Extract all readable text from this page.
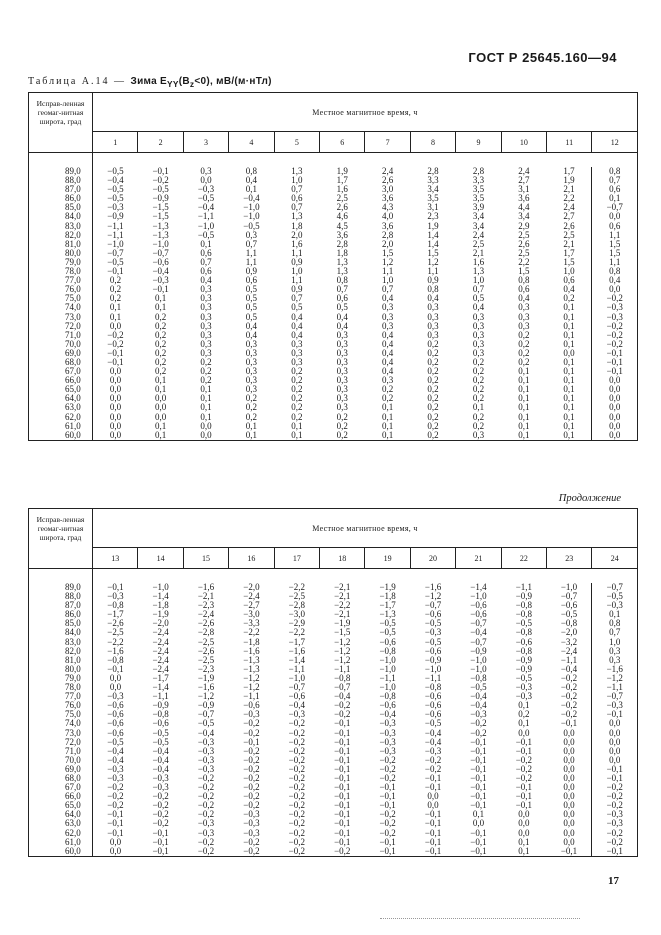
ГОСТ Р 25645.160—94
Таблица А.14 — Зима $E_{\Upsilon\Upsilon}(B_z<0)$, мВ/(м·нТл)
Исправ-ленная геомаг-нитная широта, град	Местное магнитное время, ч											
	1	2	3	4	5	6	7	8	9	10	11	12

89,0	−0,5	−0,1	0,3	0,8	1,3	1,9	2,4	2,8	2,8	2,4	1,7	0,8
88,0	−0,4	−0,2	0,0	0,4	1,0	1,7	2,6	3,3	3,3	2,7	1,9	0,7
87,0	−0,5	−0,5	−0,3	0,1	0,7	1,6	3,0	3,4	3,5	3,1	2,1	0,6
86,0	−0,5	−0,9	−0,5	−0,4	0,6	2,5	3,6	3,5	3,5	3,6	2,2	0,1
85,0	−0,3	−1,5	−0,4	−1,0	0,7	2,6	4,3	3,1	3,9	4,4	2,4	−0,7
84,0	−0,9	−1,5	−1,1	−1,0	1,3	4,6	4,0	2,3	3,4	3,4	2,7	0,0
83,0	−1,1	−1,3	−1,0	−0,5	1,8	4,5	3,6	1,9	3,4	2,9	2,6	0,6
82,0	−1,1	−1,3	−0,5	0,3	2,0	3,6	2,8	1,4	2,4	2,5	2,5	1,1
81,0	−1,0	−1,0	0,1	0,7	1,6	2,8	2,0	1,4	2,5	2,6	2,1	1,5
80,0	−0,7	−0,7	0,6	1,1	1,1	1,8	1,5	1,5	2,1	2,5	1,7	1,5
79,0	−0,5	−0,6	0,7	1,1	0,9	1,3	1,2	1,2	1,6	2,2	1,5	1,1
78,0	−0,1	−0,4	0,6	0,9	1,0	1,3	1,1	1,1	1,3	1,5	1,0	0,8
77,0	0,2	−0,3	0,4	0,6	1,1	0,8	1,0	0,9	1,0	0,8	0,6	0,4
76,0	0,2	−0,1	0,3	0,5	0,9	0,7	0,7	0,8	0,7	0,6	0,4	0,0
75,0	0,2	0,1	0,3	0,5	0,7	0,6	0,4	0,4	0,5	0,4	0,2	−0,2
74,0	0,1	0,1	0,3	0,5	0,5	0,5	0,3	0,3	0,4	0,3	0,1	−0,3
73,0	0,1	0,2	0,3	0,5	0,4	0,4	0,3	0,3	0,3	0,3	0,1	−0,3
72,0	0,0	0,2	0,3	0,4	0,4	0,4	0,3	0,3	0,3	0,3	0,1	−0,2
71,0	−0,2	0,2	0,3	0,4	0,4	0,3	0,4	0,3	0,3	0,2	0,1	−0,2
70,0	−0,2	0,2	0,3	0,3	0,3	0,3	0,4	0,2	0,3	0,2	0,1	−0,2
69,0	−0,1	0,2	0,3	0,3	0,3	0,3	0,4	0,2	0,3	0,2	0,0	−0,1
68,0	−0,1	0,2	0,2	0,3	0,3	0,3	0,4	0,2	0,2	0,2	0,1	−0,1
67,0	0,0	0,2	0,2	0,3	0,2	0,3	0,4	0,2	0,2	0,1	0,1	−0,1
66,0	0,0	0,1	0,2	0,3	0,2	0,3	0,3	0,2	0,2	0,1	0,1	0,0
65,0	0,0	0,1	0,1	0,3	0,2	0,3	0,2	0,2	0,2	0,1	0,1	0,0
64,0	0,0	0,0	0,1	0,2	0,2	0,3	0,2	0,2	0,2	0,1	0,1	0,0
63,0	0,0	0,0	0,1	0,2	0,2	0,3	0,1	0,2	0,1	0,1	0,1	0,0
62,0	0,0	0,0	0,1	0,2	0,2	0,2	0,1	0,2	0,2	0,1	0,1	0,0
61,0	0,0	0,1	0,0	0,1	0,1	0,2	0,1	0,2	0,2	0,1	0,1	0,0
60,0	0,0	0,1	0,0	0,1	0,1	0,2	0,1	0,2	0,3	0,1	0,1	0,0
Продолжение
Исправ-ленная геомаг-нитная широта, град	Местное магнитное время, ч											
	13	14	15	16	17	18	19	20	21	22	23	24

89,0	−0,1	−1,0	−1,6	−2,0	−2,2	−2,1	−1,9	−1,6	−1,4	−1,1	−1,0	−0,7
88,0	−0,3	−1,4	−2,1	−2,4	−2,5	−2,1	−1,8	−1,2	−1,0	−0,9	−0,7	−0,5
87,0	−0,8	−1,8	−2,3	−2,7	−2,8	−2,2	−1,7	−0,7	−0,6	−0,8	−0,6	−0,3
86,0	−1,7	−1,9	−2,4	−3,0	−3,0	−2,1	−1,3	−0,6	−0,6	−0,8	−0,5	0,1
85,0	−2,6	−2,0	−2,6	−3,3	−2,9	−1,9	−0,5	−0,5	−0,7	−0,5	−0,8	0,8
84,0	−2,5	−2,4	−2,8	−2,2	−2,2	−1,5	−0,5	−0,3	−0,4	−0,8	−2,0	0,7
83,0	−2,2	−2,4	−2,5	−1,8	−1,7	−1,2	−0,6	−0,5	−0,7	−0,6	−3,2	1,0
82,0	−1,6	−2,4	−2,6	−1,6	−1,6	−1,2	−0,8	−0,6	−0,9	−0,8	−2,4	0,3
81,0	−0,8	−2,4	−2,5	−1,3	−1,4	−1,2	−1,0	−0,9	−1,0	−0,9	−1,1	0,3
80,0	−0,1	−2,4	−2,3	−1,3	−1,1	−1,1	−1,0	−1,0	−1,0	−0,9	−0,4	−1,6
79,0	0,0	−1,7	−1,9	−1,2	−1,0	−0,8	−1,1	−1,1	−0,8	−0,5	−0,2	−1,2
78,0	0,0	−1,4	−1,6	−1,2	−0,7	−0,7	−1,0	−0,8	−0,5	−0,3	−0,2	−1,1
77,0	−0,3	−1,1	−1,2	−1,1	−0,6	−0,4	−0,8	−0,6	−0,4	−0,3	−0,2	−0,7
76,0	−0,6	−0,9	−0,9	−0,6	−0,4	−0,2	−0,6	−0,6	−0,4	0,1	−0,2	−0,3
75,0	−0,6	−0,8	−0,7	−0,3	−0,3	−0,2	−0,4	−0,6	−0,3	0,2	−0,2	−0,1
74,0	−0,6	−0,6	−0,5	−0,2	−0,2	−0,1	−0,3	−0,5	−0,2	0,1	−0,1	0,0
73,0	−0,6	−0,5	−0,4	−0,2	−0,2	−0,1	−0,3	−0,4	−0,2	0,0	0,0	0,0
72,0	−0,5	−0,5	−0,3	−0,1	−0,2	−0,1	−0,3	−0,4	−0,1	−0,1	0,0	0,0
71,0	−0,4	−0,4	−0,3	−0,2	−0,2	−0,1	−0,3	−0,3	−0,1	−0,1	0,0	0,0
70,0	−0,4	−0,4	−0,3	−0,2	−0,2	−0,1	−0,2	−0,2	−0,1	−0,2	0,0	0,0
69,0	−0,3	−0,4	−0,3	−0,2	−0,2	−0,1	−0,2	−0,2	−0,1	−0,2	0,0	−0,1
68,0	−0,3	−0,3	−0,2	−0,2	−0,2	−0,1	−0,2	−0,1	−0,1	−0,2	0,0	−0,1
67,0	−0,2	−0,3	−0,2	−0,2	−0,2	−0,1	−0,1	−0,1	−0,1	−0,1	0,0	−0,2
66,0	−0,2	−0,2	−0,2	−0,2	−0,2	−0,1	−0,1	0,0	−0,1	−0,1	0,0	−0,2
65,0	−0,2	−0,2	−0,2	−0,2	−0,2	−0,1	−0,1	0,0	−0,1	−0,1	0,0	−0,2
64,0	−0,1	−0,2	−0,2	−0,3	−0,2	−0,1	−0,2	−0,1	0,1	0,0	0,0	−0,3
63,0	−0,1	−0,2	−0,3	−0,3	−0,2	−0,1	−0,2	−0,1	0,0	0,0	0,0	−0,3
62,0	−0,1	−0,1	−0,3	−0,3	−0,2	−0,1	−0,2	−0,1	−0,1	0,0	0,0	−0,2
61,0	0,0	−0,1	−0,2	−0,2	−0,2	−0,1	−0,1	−0,1	−0,1	0,1	0,0	−0,2
60,0	0,0	−0,1	−0,2	−0,2	−0,2	−0,2	−0,1	−0,1	−0,1	0,1	−0,1	−0,1
17
